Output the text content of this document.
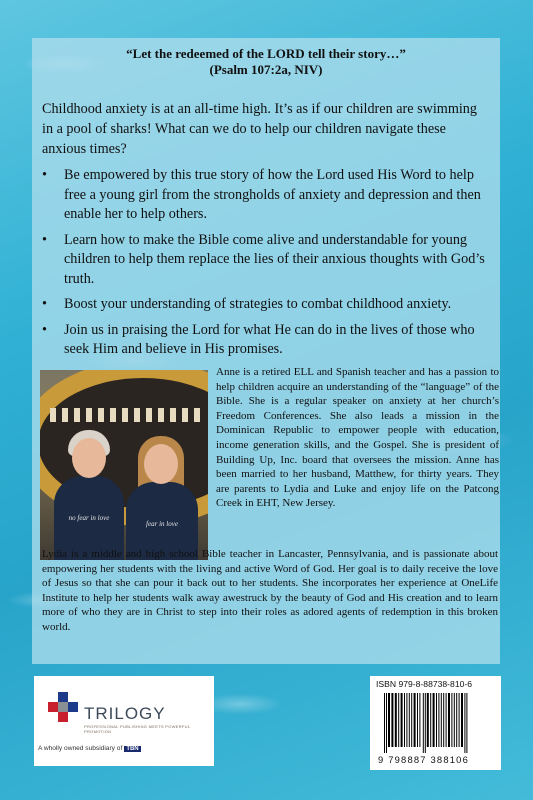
“Let the redeemed of the LORD tell their story…”
(Psalm 107:2a, NIV)

Childhood anxiety is at an all-time high. It’s as if our children are swimming in a pool of sharks! What can we do to help our children navigate these anxious times?

• Be empowered by this true story of how the Lord used His Word to help free a young girl from the strongholds of anxiety and depression and then enable her to help others.
• Learn how to make the Bible come alive and understandable for young children to help them replace the lies of their anxious thoughts with God’s truth.
• Boost your understanding of strategies to combat childhood anxiety.
• Join us in praising the Lord for what He can do in the lives of those who seek Him and believe in His promises.
no fear in love
fear in love

Anne is a retired ELL and Spanish teacher and has a passion to help children acquire an understanding of the “language” of the Bible. She is a regular speaker on anxiety at her church’s Freedom Conferences. She also leads a mission in the Dominican Republic to empower people with education, income generation skills, and the Gospel. She is president of Building Up, Inc. board that oversees the mission. Anne has been married to her husband, Matthew, for thirty years. They are parents to Lydia and Luke and enjoy life on the Patcong Creek in EHT, New Jersey.

Lydia is a middle and high school Bible teacher in Lancaster, Pennsylvania, and is passionate about empowering her students with the living and active Word of God. Her goal is to daily receive the love of Jesus so that she can pour it back out to her students. She incorporates her experience at OneLife Institute to help her students walk away awestruck by the beauty of God and His creation and to learn more of who they are in Christ to step into their roles as adored agents of redemption in this broken world.

TRILOGY
PROFESSIONAL PUBLISHING MEETS POWERFUL PROMOTION
A wholly owned subsidiary of TBN
ISBN 979-8-88738-810-6
9 798887 388106
